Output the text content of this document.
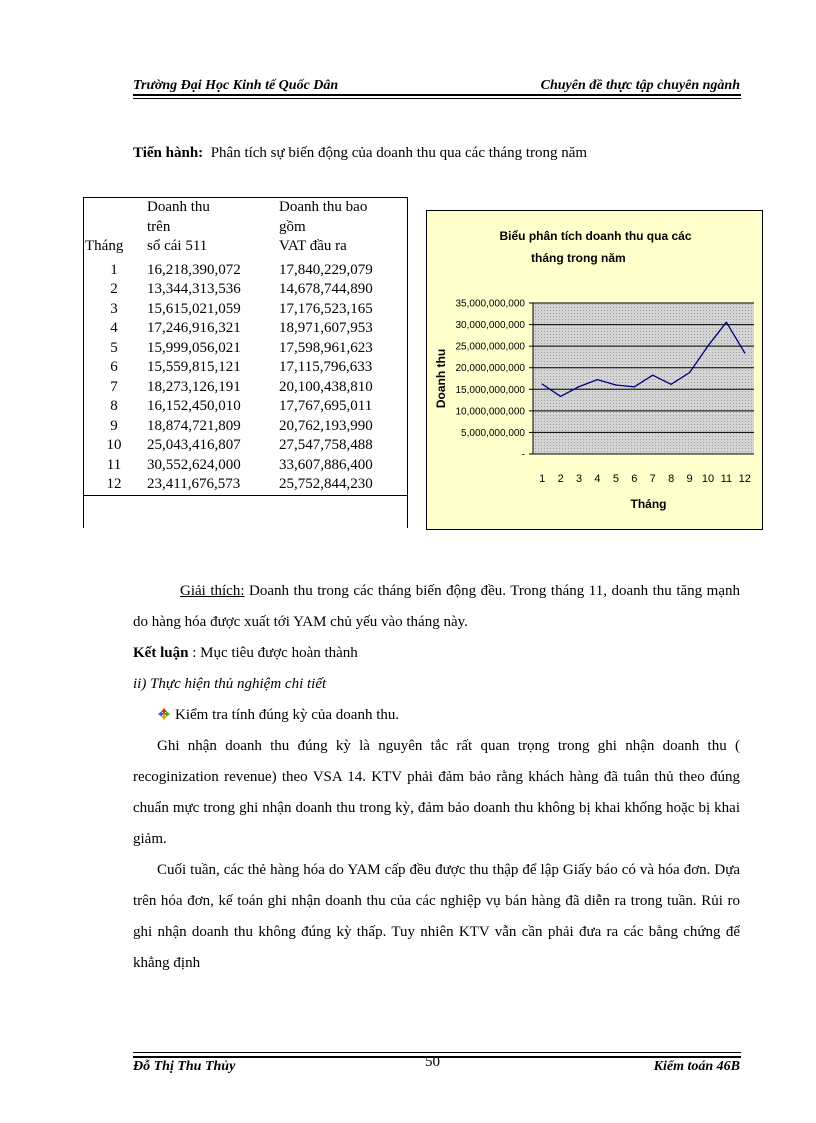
Trường Đại Học Kinh tế Quốc Dân	Chuyên đề thực tập chuyên ngành
Tiến hành: Phân tích sự biến động của doanh thu qua các tháng trong năm
	Doanh thu	Doanh thu bao
	trên	gồm
Tháng	sổ cái 511	VAT đầu ra

1	16,218,390,072	17,840,229,079
2	13,344,313,536	14,678,744,890
3	15,615,021,059	17,176,523,165
4	17,246,916,321	18,971,607,953
5	15,999,056,021	17,598,961,623
6	15,559,815,121	17,115,796,633
7	18,273,126,191	20,100,438,810
8	16,152,450,010	17,767,695,011
9	18,874,721,809	20,762,193,990
10	25,043,416,807	27,547,758,488
11	30,552,624,000	33,607,886,400
12	23,411,676,573	25,752,844,230
Biểu phân tích doanh thu qua các
tháng trong năm
35,000,000,000
30,000,000,000
25,000,000,000
20,000,000,000
15,000,000,000
10,000,000,000
5,000,000,000
-
1 2 3 4 5 6 7 8 9 10 11 12
Tháng
Doanh thu
Giải thích: Doanh thu trong các tháng biến động đều. Trong tháng 11, doanh thu tăng mạnh do hàng hóa được xuất tới YAM chủ yếu vào tháng này.
Kết luận : Mục tiêu được hoàn thành
ii) Thực hiện thủ nghiệm chi tiết
Kiểm tra tính đúng kỳ của doanh thu.
Ghi nhận doanh thu đúng kỳ là nguyên tắc rất quan trọng trong ghi nhận doanh thu ( recoginization revenue) theo VSA 14. KTV phải đảm bảo rằng khách hàng đã tuân thủ theo đúng chuẩn mực trong ghi nhận doanh thu trong kỳ, đảm bảo doanh thu không bị khai khống hoặc bị khai giảm.
Cuối tuần, các thẻ hàng hóa do YAM cấp đều được thu thập để lập Giấy báo có và hóa đơn. Dựa trên hóa đơn, kế toán ghi nhận doanh thu của các nghiệp vụ bán hàng đã diễn ra trong tuần. Rủi ro ghi nhận doanh thu không đúng kỳ thấp. Tuy nhiên KTV vẫn cần phải đưa ra các bằng chứng để khẳng định
Đỗ Thị Thu Thủy	50	Kiểm toán 46B
